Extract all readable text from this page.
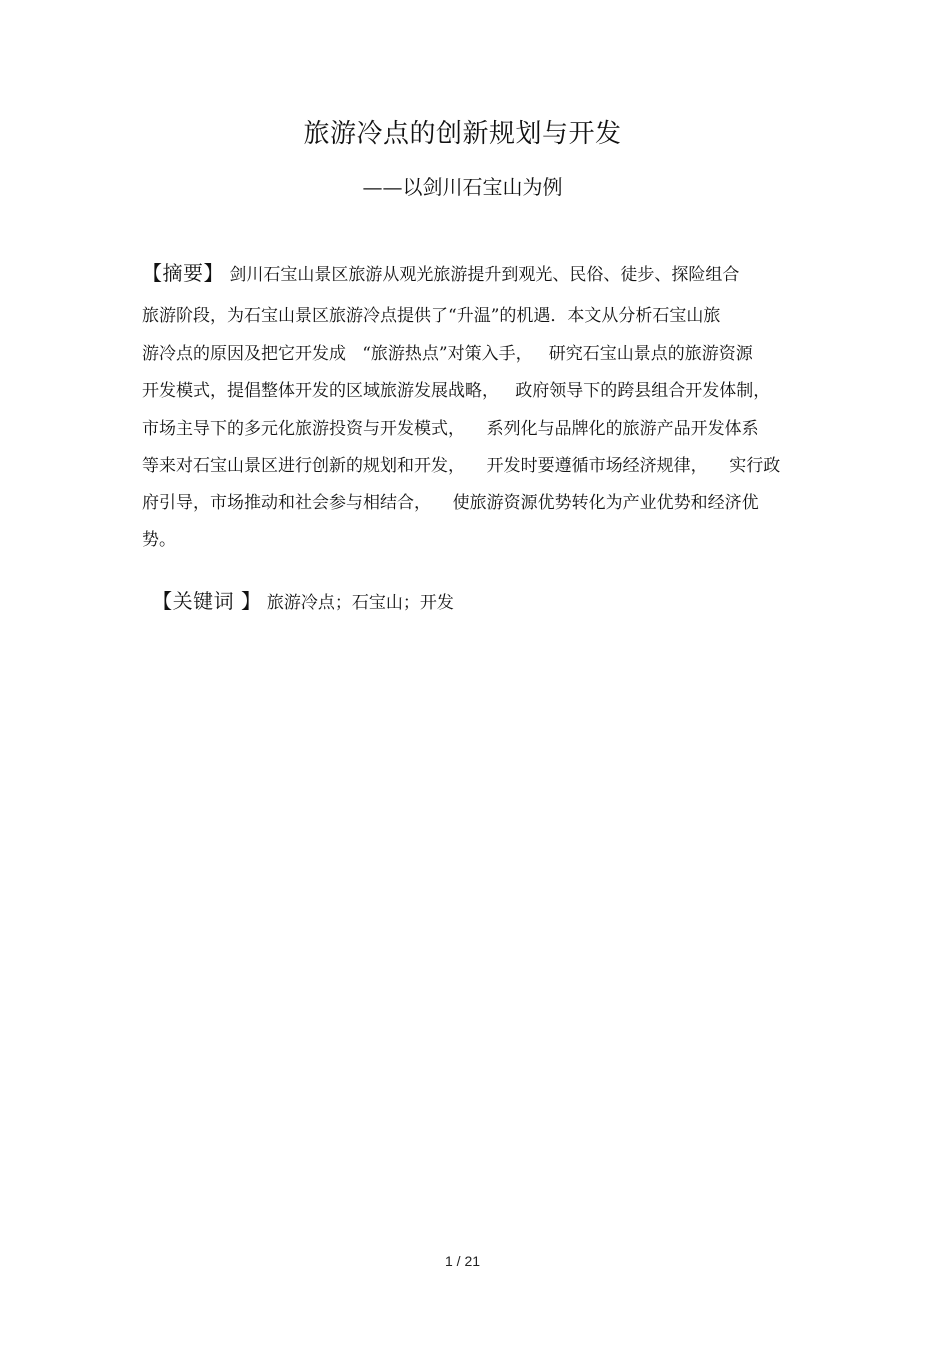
旅游冷点的创新规划与开发
——以剑川石宝山为例
【摘要】 剑川石宝山景区旅游从观光旅游提升到观光、民俗、徒步、探险组合
旅游阶段，为石宝山景区旅游冷点提供了“升温”的机遇．本文从分析石宝山旅
游冷点的原因及把它开发成   “旅游热点”对策入手，   研究石宝山景点的旅游资源
开发模式，提倡整体开发的区域旅游发展战略，   政府领导下的跨县组合开发体制，
市场主导下的多元化旅游投资与开发模式，    系列化与品牌化的旅游产品开发体系
等来对石宝山景区进行创新的规划和开发，    开发时要遵循市场经济规律，    实行政
府引导，市场推动和社会参与相结合，    使旅游资源优势转化为产业优势和经济优
势。

【关键词 】 旅游冷点；石宝山；开发

1 / 21
